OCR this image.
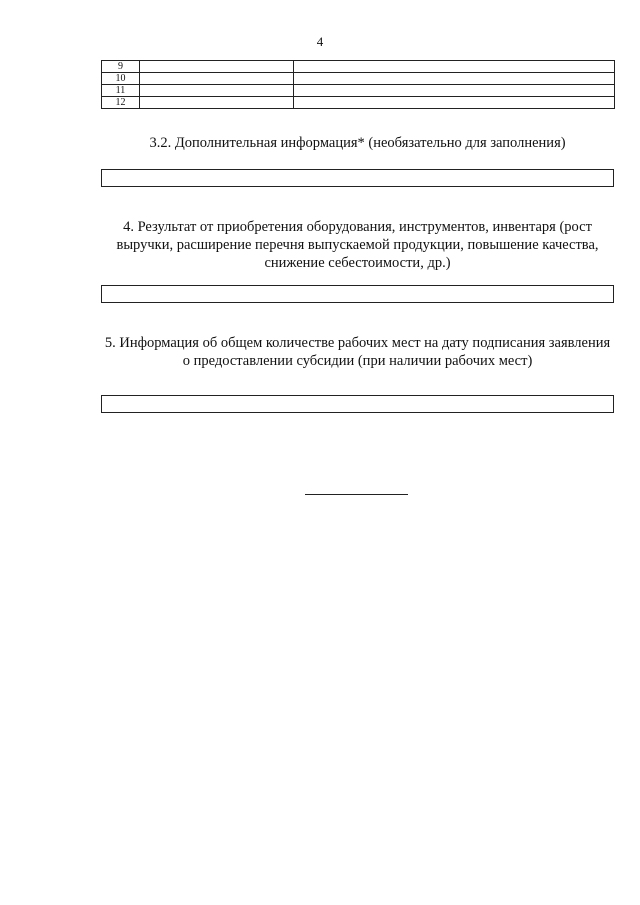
4
9		
10		
11		
12		
3.2. Дополнительная информация* (необязательно для заполнения)
4. Результат от приобретения оборудования, инструментов, инвентаря (рост выручки, расширение перечня выпускаемой продукции, повышение качества, снижение себестоимости, др.)
5. Информация об общем количестве рабочих мест на дату подписания заявления о предоставлении субсидии (при наличии рабочих мест)
